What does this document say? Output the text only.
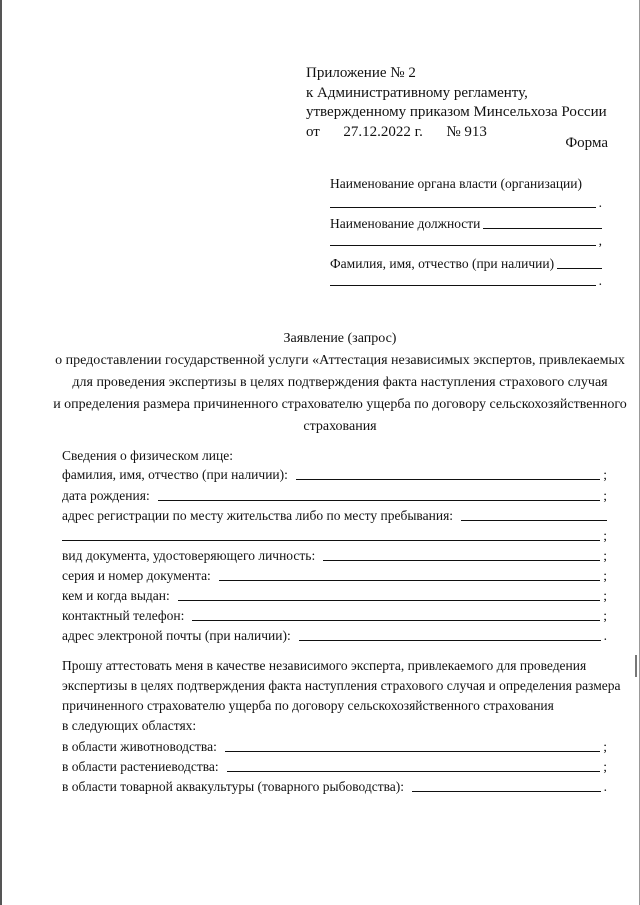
Приложение № 2
к Административному регламенту,
утвержденному приказом Минсельхоза России
от 27.12.2022 г. № 913
Форма
Наименование органа власти (организации)
.
Наименование должности
,
Фамилия, имя, отчество (при наличии)
.
Заявление (запрос)
о предоставлении государственной услуги «Аттестация независимых экспертов, привлекаемых
для проведения экспертизы в целях подтверждения факта наступления страхового случая
и определения размера причиненного страхователю ущерба по договору сельскохозяйственного
страхования
Сведения о физическом лице:
фамилия, имя, отчество (при наличии):	;
дата рождения:	;
адрес регистрации по месту жительства либо по месту пребывания:
;
вид документа, удостоверяющего личность:	;
серия и номер документа:	;
кем и когда выдан:	;
контактный телефон:	;
адрес электроной почты (при наличии):	.
Прошу аттестовать меня в качестве независимого эксперта, привлекаемого для проведения
экспертизы в целях подтверждения факта наступления страхового случая и определения размера
причиненного страхователю ущерба по договору сельскохозяйственного страхования
в следующих областях:
в области животноводства:	;
в области растениеводства:	;
в области товарной аквакультуры (товарного рыбоводства):	.
